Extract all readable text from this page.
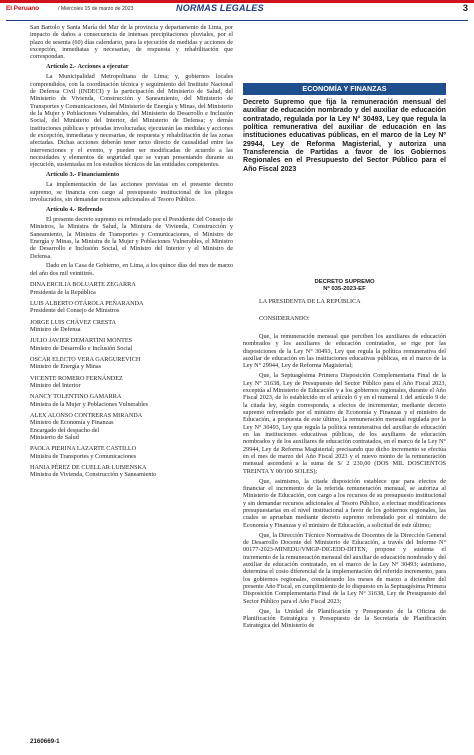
El Peruano	/ Miércoles 15 de marzo de 2023	NORMAS LEGALES	3

San Bartolo y Santa María del Mar de la provincia y departamento de Lima, por impacto de daños a consecuencia de intensas precipitaciones pluviales, por el plazo de sesenta (60) días calendario, para la ejecución de medidas y acciones de excepción, inmediatas y necesarias, de respuesta y rehabilitación que correspondan.

Artículo 2.- Acciones a ejecutar

La Municipalidad Metropolitana de Lima; y, gobiernos locales comprendidos, con la coordinación técnica y seguimiento del Instituto Nacional de Defensa Civil (INDECI) y la participación del Ministerio de Salud, del Ministerio de Vivienda, Construcción y Saneamiento, del Ministerio de Transportes y Comunicaciones, del Ministerio de Energía y Minas, del Ministerio de la Mujer y Poblaciones Vulnerables, del Ministerio de Desarrollo e Inclusión Social, del Ministerio del Interior, del Ministerio de Defensa; y demás instituciones públicas y privadas involucradas; ejecutarán las medidas y acciones de excepción, inmediatas y necesarias, de respuesta y rehabilitación de las zonas afectadas. Dichas acciones deberán tener nexo directo de causalidad entre las intervenciones y el evento, y pueden ser modificadas de acuerdo a las necesidades y elementos de seguridad que se vayan presentando durante su ejecución, sustentadas en los estudios técnicos de las entidades competentes.

Artículo 3.- Financiamiento

La implementación de las acciones previstas en el presente decreto supremo, se financia con cargo al presupuesto institucional de los pliegos involucrados, sin demandar recursos adicionales al Tesoro Público.

Artículo 4.- Refrendo

El presente decreto supremo es refrendado por el Presidente del Consejo de Ministros, la Ministra de Salud, la Ministra de Vivienda, Construcción y Saneamiento, la Ministra de Transportes y Comunicaciones, el Ministro de Energía y Minas, la Ministra de la Mujer y Poblaciones Vulnerables, el Ministro de Desarrollo e Inclusión Social, el Ministro del Interior y el Ministro de Defensa.

Dado en la Casa de Gobierno, en Lima, a los quince días del mes de marzo del año dos mil veintitrés.

DINA ERCILIA BOLUARTE ZEGARRA
Presidenta de la República
LUIS ALBERTO OTÁROLA PEÑARANDA
Presidente del Consejo de Ministros
JORGE LUIS CHÁVEZ CRESTA
Ministro de Defensa
JULIO JAVIER DEMARTINI MONTES
Ministro de Desarrollo e Inclusión Social
OSCAR ELECTO VERA GARGUREVICH
Ministro de Energía y Minas
VICENTE ROMERO FERNÁNDEZ
Ministro del Interior
NANCY TOLENTINO GAMARRA
Ministra de la Mujer y Poblaciones Vulnerables
ALEX ALONSO CONTRERAS MIRANDA
Ministro de Economía y Finanzas
Encargado del despacho del
Ministerio de Salud
PAOLA PIERINA LAZARTE CASTILLO
Ministra de Transportes y Comunicaciones
HANIA PÉREZ DE CUELLAR LUBIENSKA
Ministra de Vivienda, Construcción y Saneamiento
2160669-1
ECONOMÍA Y FINANZAS
Decreto Supremo que fija la remuneración mensual del auxiliar de educación nombrado y del auxiliar de educación contratado, regulada por la Ley N° 30493, Ley que regula la política remunerativa del auxiliar de educación en las instituciones educativas públicas, en el marco de la Ley Nº 29944, Ley de Reforma Magisterial, y autoriza una Transferencia de Partidas a favor de los Gobiernos Regionales en el Presupuesto del Sector Público para el Año Fiscal 2023
DECRETO SUPREMO
Nº 035-2023-EF
LA PRESIDENTA DE LA REPÚBLICA
CONSIDERANDO:

Que, la remuneración mensual que perciben los auxiliares de educación nombrados y los auxiliares de educación contratados, se rige por las disposiciones de la Ley N° 30493, Ley que regula la política remunerativa del auxiliar de educación en las instituciones educativas públicas, en el marco de la Ley N° 29944, Ley de Reforma Magisterial;

Que, la Septuagésima Primera Disposición Complementaria Final de la Ley N° 31638, Ley de Presupuesto del Sector Público para el Año Fiscal 2023, exceptúa al Ministerio de Educación y a los gobiernos regionales, durante el Año Fiscal 2023, de lo establecido en el artículo 6 y en el numeral 1 del artículo 9 de la citada ley, según corresponda, a efectos de incrementar, mediante decreto supremo refrendado por el ministro de Economía y Finanzas y el ministro de Educación, a propuesta de este último, la remuneración mensual regulada por la Ley N° 30493, Ley que regula la política remunerativa del auxiliar de educación en las instituciones educativas públicas, de los auxiliares de educación nombrados y de los auxiliares de educación contratados, en el marco de la Ley N° 29944, Ley de Reforma Magisterial; precisando que dicho incremento se efectúa en el mes de marzo del Año Fiscal 2023 y el nuevo monto de la remuneración mensual ascenderá a la suma de S/ 2 230,00 (DOS MIL DOSCIENTOS TREINTA Y 00/100 SOLES);

Que, asimismo, la citada disposición establece que para efectos de financiar el incremento de la referida remuneración mensual, se autoriza al Ministerio de Educación, con cargo a los recursos de su presupuesto institucional y sin demandar recursos adicionales al Tesoro Público, a efectuar modificaciones presupuestarias en el nivel institucional a favor de los gobiernos regionales, las cuales se aprueban mediante decreto supremo refrendado por el ministro de Economía y Finanzas y el ministro de Educación, a solicitud de este último;

Que, la Dirección Técnico Normativa de Docentes de la Dirección General de Desarrollo Docente del Ministerio de Educación, a través del Informe N° 00177-2023-MINEDU/VMGP-DIGEDD-DITEN, propone y sustenta el incremento de la remuneración mensual del auxiliar de educación nombrado y del auxiliar de educación contratado, en el marco de la Ley N° 30493; asimismo, determina el costo diferencial de la implementación del referido incremento, para los gobiernos regionales, considerando los meses de marzo a diciembre del presente Año Fiscal, en cumplimiento de lo dispuesto en la Septuagésima Primera Disposición Complementaria Final de la Ley N° 31638, Ley de Presupuesto del Sector Público para el Año Fiscal 2023;

Que, la Unidad de Planificación y Presupuesto de la Oficina de Planificación Estratégica y Presupuesto de la Secretaría de Planificación Estratégica del Ministerio de
